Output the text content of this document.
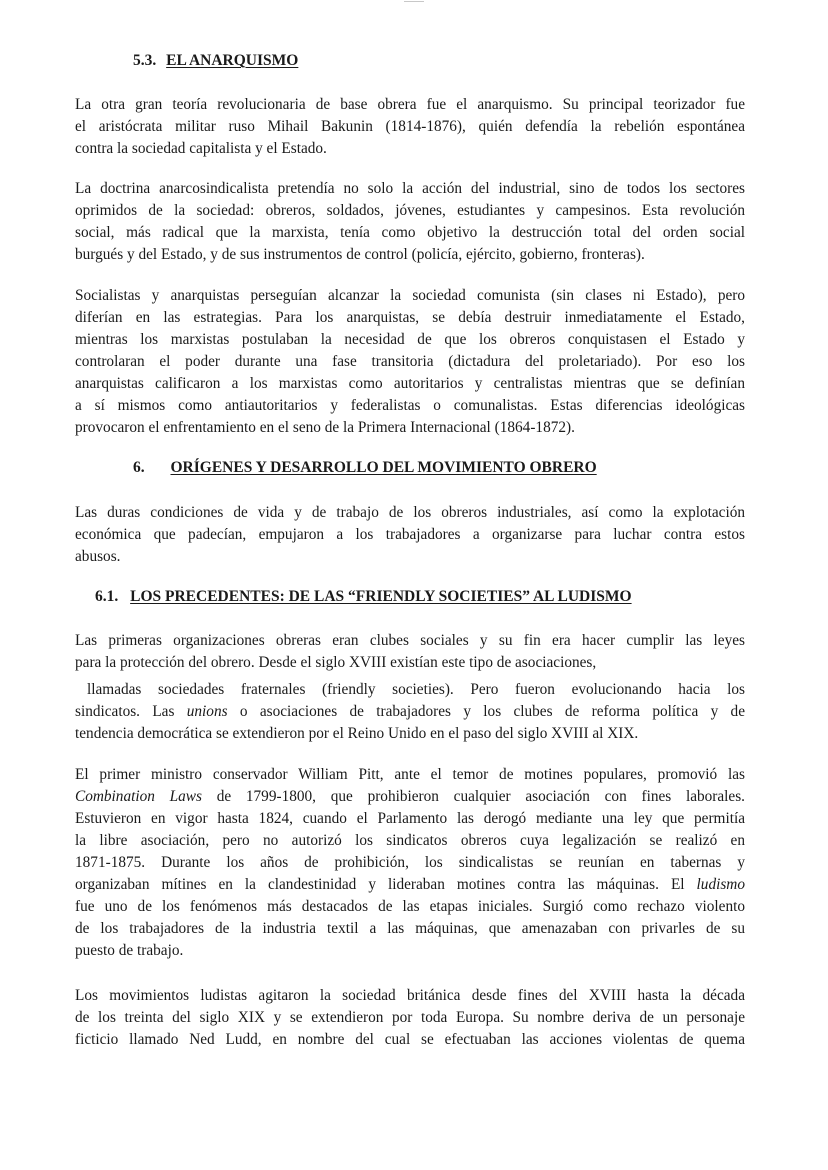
5.3. EL ANARQUISMO
La otra gran teoría revolucionaria de base obrera fue el anarquismo. Su principal teorizador fue
el aristócrata militar ruso Mihail Bakunin (1814-1876), quién defendía la rebelión espontánea
contra la sociedad capitalista y el Estado.
La doctrina anarcosindicalista pretendía no solo la acción del industrial, sino de todos los sectores
oprimidos de la sociedad: obreros, soldados, jóvenes, estudiantes y campesinos. Esta revolución
social, más radical que la marxista, tenía como objetivo la destrucción total del orden social
burgués y del Estado, y de sus instrumentos de control (policía, ejército, gobierno, fronteras).
Socialistas y anarquistas perseguían alcanzar la sociedad comunista (sin clases ni Estado), pero
diferían en las estrategias. Para los anarquistas, se debía destruir inmediatamente el Estado,
mientras los marxistas postulaban la necesidad de que los obreros conquistasen el Estado y
controlaran el poder durante una fase transitoria (dictadura del proletariado). Por eso los
anarquistas calificaron a los marxistas como autoritarios y centralistas mientras que se definían
a sí mismos como antiautoritarios y federalistas o comunalistas. Estas diferencias ideológicas
provocaron el enfrentamiento en el seno de la Primera Internacional (1864-1872).
6. ORÍGENES Y DESARROLLO DEL MOVIMIENTO OBRERO
Las duras condiciones de vida y de trabajo de los obreros industriales, así como la explotación
económica que padecían, empujaron a los trabajadores a organizarse para luchar contra estos
abusos.
6.1. LOS PRECEDENTES: DE LAS “FRIENDLY SOCIETIES” AL LUDISMO
Las primeras organizaciones obreras eran clubes sociales y su fin era hacer cumplir las leyes
para la protección del obrero. Desde el siglo XVIII existían este tipo de asociaciones,
llamadas sociedades fraternales (friendly societies). Pero fueron evolucionando hacia los
sindicatos. Las unions o asociaciones de trabajadores y los clubes de reforma política y de
tendencia democrática se extendieron por el Reino Unido en el paso del siglo XVIII al XIX.
El primer ministro conservador William Pitt, ante el temor de motines populares, promovió las
Combination Laws de 1799-1800, que prohibieron cualquier asociación con fines laborales.
Estuvieron en vigor hasta 1824, cuando el Parlamento las derogó mediante una ley que permitía
la libre asociación, pero no autorizó los sindicatos obreros cuya legalización se realizó en
1871-1875. Durante los años de prohibición, los sindicalistas se reunían en tabernas y
organizaban mítines en la clandestinidad y lideraban motines contra las máquinas. El ludismo
fue uno de los fenómenos más destacados de las etapas iniciales. Surgió como rechazo violento
de los trabajadores de la industria textil a las máquinas, que amenazaban con privarles de su
puesto de trabajo.
Los movimientos ludistas agitaron la sociedad británica desde fines del XVIII hasta la década
de los treinta del siglo XIX y se extendieron por toda Europa. Su nombre deriva de un personaje
ficticio llamado Ned Ludd, en nombre del cual se efectuaban las acciones violentas de quema
